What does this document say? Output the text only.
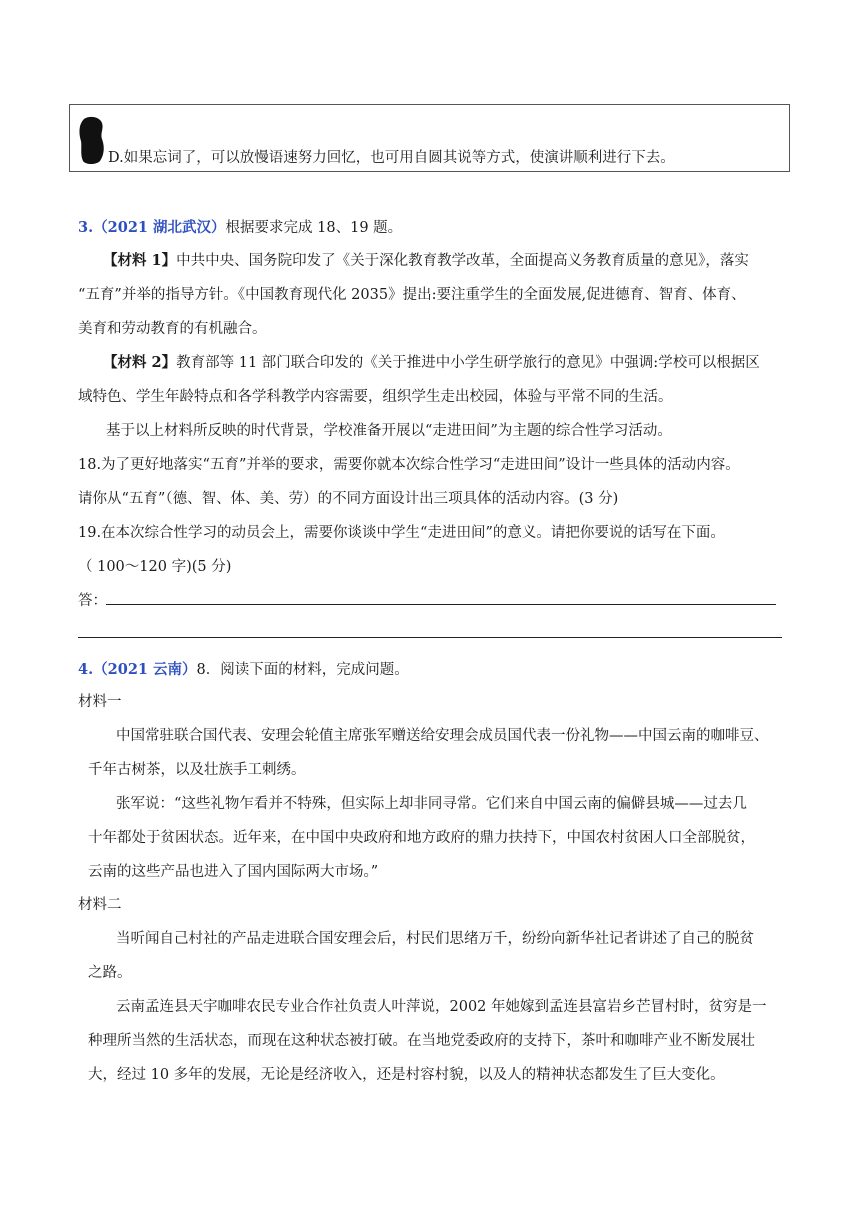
D.如果忘词了，可以放慢语速努力回忆，也可用自圆其说等方式，使演讲顺利进行下去。
3.（2021 湖北武汉）根据要求完成 18、19 题。
【材料 1】中共中央、国务院印发了《关于深化教育教学改革，全面提高义务教育质量的意见》，落实
“五育”并举的指导方针。《中国教育现代化 2035》提出:要注重学生的全面发展,促进德育、智育、体育、
美育和劳动教育的有机融合。
【材料 2】教育部等 11 部门联合印发的《关于推进中小学生研学旅行的意见》中强调:学校可以根据区
域特色、学生年龄特点和各学科教学内容需要，组织学生走出校园，体验与平常不同的生活。
基于以上材料所反映的时代背景，学校准备开展以“走进田间”为主题的综合性学习活动。
18.为了更好地落实“五育”并举的要求，需要你就本次综合性学习“走进田间”设计一些具体的活动内容。
请你从“五育”（德、智、体、美、劳）的不同方面设计出三项具体的活动内容。(3 分)
19.在本次综合性学习的动员会上，需要你谈谈中学生“走进田间”的意义。请把你要说的话写在下面。
（ 100～120 字)(5 分)
答：
4.（2021 云南）8．阅读下面的材料，完成问题。
材料一
中国常驻联合国代表、安理会轮值主席张军赠送给安理会成员国代表一份礼物——中国云南的咖啡豆、
千年古树茶，以及壮族手工刺绣。
张军说：“这些礼物乍看并不特殊，但实际上却非同寻常。它们来自中国云南的偏僻县城——过去几
十年都处于贫困状态。近年来，在中国中央政府和地方政府的鼎力扶持下，中国农村贫困人口全部脱贫，
云南的这些产品也进入了国内国际两大市场。”
材料二
当听闻自己村社的产品走进联合国安理会后，村民们思绪万千，纷纷向新华社记者讲述了自己的脱贫
之路。
云南孟连县天宇咖啡农民专业合作社负责人叶萍说，2002 年她嫁到孟连县富岩乡芒冒村时，贫穷是一
种理所当然的生活状态，而现在这种状态被打破。在当地党委政府的支持下，茶叶和咖啡产业不断发展壮
大，经过 10 多年的发展，无论是经济收入，还是村容村貌，以及人的精神状态都发生了巨大变化。
